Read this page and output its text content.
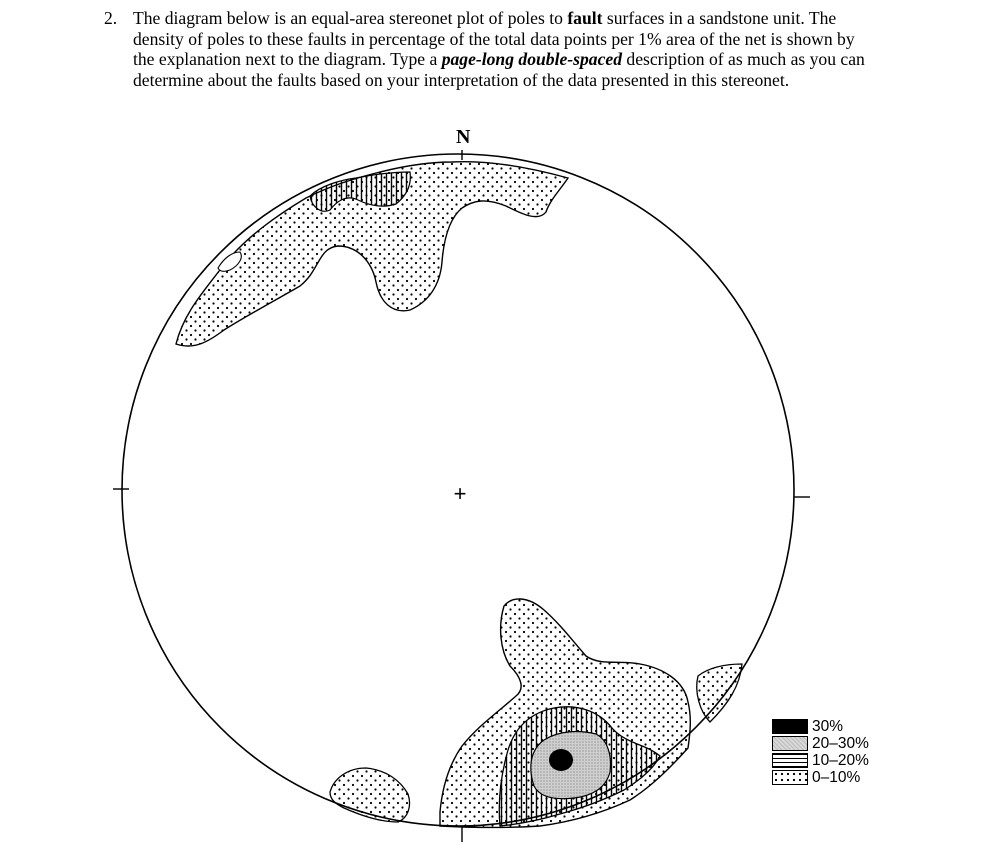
2. The diagram below is an equal-area stereonet plot of poles to fault surfaces in a sandstone unit. The density of poles to these faults in percentage of the total data points per 1% area of the net is shown by the explanation next to the diagram. Type a page-long double-spaced description of as much as you can determine about the faults based on your interpretation of the data presented in this stereonet.
N
+
30%
20–30%
10–20%
0–10%
